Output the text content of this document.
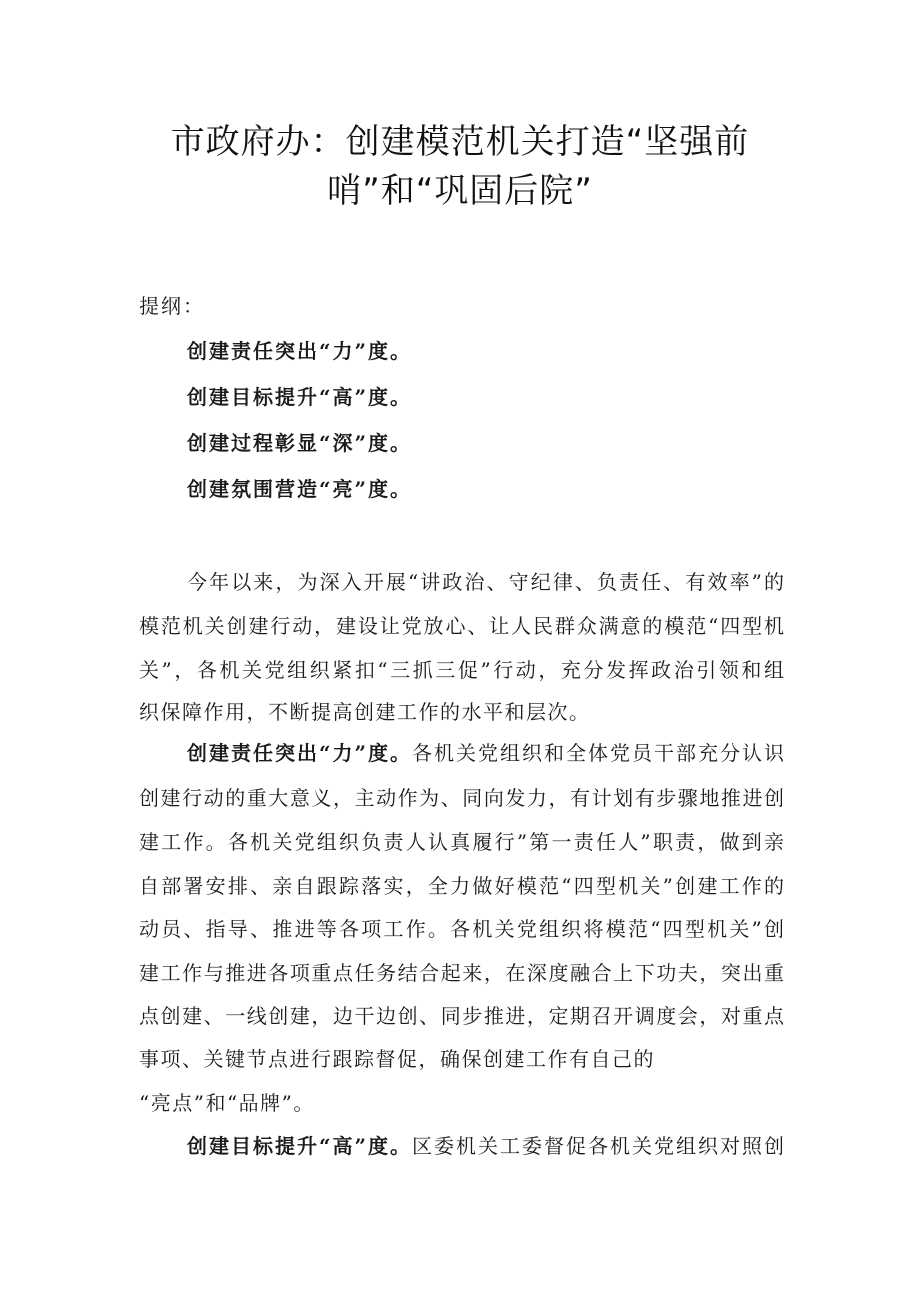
市政府办：创建模范机关打造“坚强前
哨”和“巩固后院”
提纲：
创建责任突出“力”度。
创建目标提升“高”度。
创建过程彰显“深”度。
创建氛围营造“亮”度。
今年以来，为深入开展“讲政治、守纪律、负责任、有效率”的
模范机关创建行动，建设让党放心、让人民群众满意的模范“四型机
关”，各机关党组织紧扣“三抓三促”行动，充分发挥政治引领和组
织保障作用，不断提高创建工作的水平和层次。
创建责任突出“力”度。各机关党组织和全体党员干部充分认识
创建行动的重大意义，主动作为、同向发力，有计划有步骤地推进创
建工作。各机关党组织负责人认真履行”第一责任人”职责，做到亲
自部署安排、亲自跟踪落实，全力做好模范“四型机关”创建工作的
动员、指导、推进等各项工作。各机关党组织将模范“四型机关”创
建工作与推进各项重点任务结合起来，在深度融合上下功夫，突出重
点创建、一线创建，边干边创、同步推进，定期召开调度会，对重点
事项、关键节点进行跟踪督促，确保创建工作有自己的
“亮点”和“品牌”。
创建目标提升“高”度。区委机关工委督促各机关党组织对照创
